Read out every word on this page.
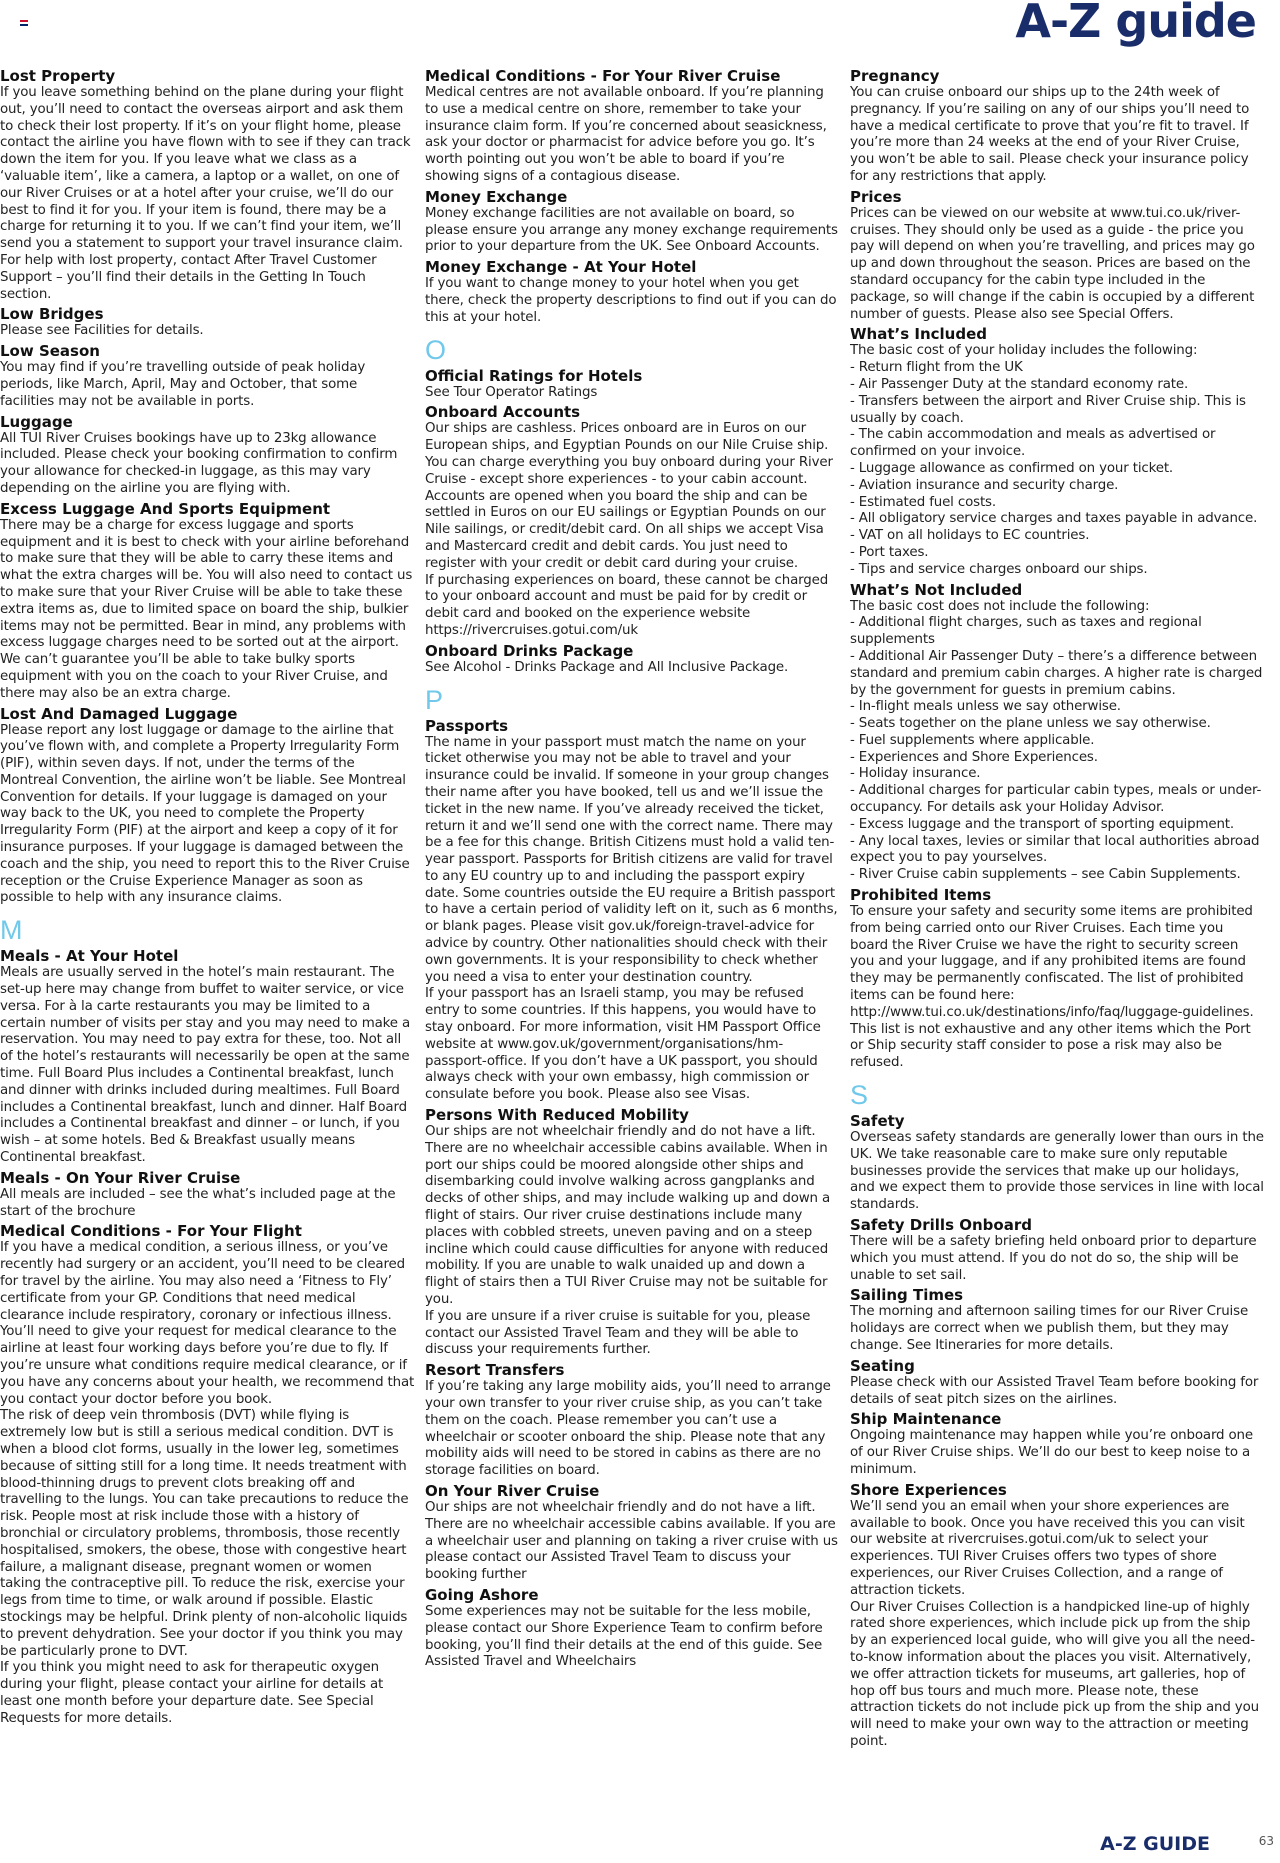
A-Z guide
Lost Property

If you leave something behind on the plane during your flight out, you’ll need to contact the overseas airport and ask them to check their lost property. If it’s on your flight home, please contact the airline you have flown with to see if they can track down the item for you. If you leave what we class as a ‘valuable item’, like a camera, a laptop or a wallet, on one of our River Cruises or at a hotel after your cruise, we’ll do our best to find it for you. If your item is found, there may be a charge for returning it to you. If we can’t find your item, we’ll send you a statement to support your travel insurance claim. For help with lost property, contact After Travel Customer Support – you’ll find their details in the Getting In Touch section.

Low Bridges

Please see Facilities for details.

Low Season

You may find if you’re travelling outside of peak holiday periods, like March, April, May and October, that some facilities may not be available in ports.

Luggage

All TUI River Cruises bookings have up to 23kg allowance included. Please check your booking confirmation to confirm your allowance for checked-in luggage, as this may vary depending on the airline you are flying with.

Excess Luggage And Sports Equipment

There may be a charge for excess luggage and sports equipment and it is best to check with your airline beforehand to make sure that they will be able to carry these items and what the extra charges will be. You will also need to contact us to make sure that your River Cruise will be able to take these extra items as, due to limited space on board the ship, bulkier items may not be permitted. Bear in mind, any problems with excess luggage charges need to be sorted out at the airport. We can’t guarantee you’ll be able to take bulky sports equipment with you on the coach to your River Cruise, and there may also be an extra charge.

Lost And Damaged Luggage

Please report any lost luggage or damage to the airline that you’ve flown with, and complete a Property Irregularity Form (PIF), within seven days. If not, under the terms of the Montreal Convention, the airline won’t be liable. See Montreal Convention for details. If your luggage is damaged on your way back to the UK, you need to complete the Property Irregularity Form (PIF) at the airport and keep a copy of it for insurance purposes. If your luggage is damaged between the coach and the ship, you need to report this to the River Cruise reception or the Cruise Experience Manager as soon as possible to help with any insurance claims.

M
Meals - At Your Hotel

Meals are usually served in the hotel’s main restaurant. The set-up here may change from buffet to waiter service, or vice versa. For à la carte restaurants you may be limited to a certain number of visits per stay and you may need to make a reservation. You may need to pay extra for these, too. Not all of the hotel’s restaurants will necessarily be open at the same time. Full Board Plus includes a Continental breakfast, lunch and dinner with drinks included during mealtimes. Full Board includes a Continental breakfast, lunch and dinner. Half Board includes a Continental breakfast and dinner – or lunch, if you wish – at some hotels. Bed & Breakfast usually means Continental breakfast.

Meals - On Your River Cruise

All meals are included – see the what’s included page at the start of the brochure

Medical Conditions - For Your Flight

If you have a medical condition, a serious illness, or you’ve recently had surgery or an accident, you’ll need to be cleared for travel by the airline. You may also need a ‘Fitness to Fly’ certificate from your GP. Conditions that need medical clearance include respiratory, coronary or infectious illness. You’ll need to give your request for medical clearance to the airline at least four working days before you’re due to fly. If you’re unsure what conditions require medical clearance, or if you have any concerns about your health, we recommend that you contact your doctor before you book.

The risk of deep vein thrombosis (DVT) while flying is extremely low but is still a serious medical condition. DVT is when a blood clot forms, usually in the lower leg, sometimes because of sitting still for a long time. It needs treatment with blood-thinning drugs to prevent clots breaking off and travelling to the lungs. You can take precautions to reduce the risk. People most at risk include those with a history of bronchial or circulatory problems, thrombosis, those recently hospitalised, smokers, the obese, those with congestive heart failure, a malignant disease, pregnant women or women taking the contraceptive pill. To reduce the risk, exercise your legs from time to time, or walk around if possible. Elastic stockings may be helpful. Drink plenty of non-alcoholic liquids to prevent dehydration. See your doctor if you think you may be particularly prone to DVT.

If you think you might need to ask for therapeutic oxygen during your flight, please contact your airline for details at least one month before your departure date. See Special Requests for more details.

Medical Conditions - For Your River Cruise

Medical centres are not available onboard. If you’re planning to use a medical centre on shore, remember to take your insurance claim form. If you’re concerned about seasickness, ask your doctor or pharmacist for advice before you go. It’s worth pointing out you won’t be able to board if you’re showing signs of a contagious disease.

Money Exchange

Money exchange facilities are not available on board, so please ensure you arrange any money exchange requirements prior to your departure from the UK. See Onboard Accounts.

Money Exchange - At Your Hotel

If you want to change money to your hotel when you get there, check the property descriptions to find out if you can do this at your hotel.

O
Official Ratings for Hotels

See Tour Operator Ratings

Onboard Accounts

Our ships are cashless. Prices onboard are in Euros on our European ships, and Egyptian Pounds on our Nile Cruise ship. You can charge everything you buy onboard during your River Cruise - except shore experiences - to your cabin account. Accounts are opened when you board the ship and can be settled in Euros on our EU sailings or Egyptian Pounds on our Nile sailings, or credit/debit card. On all ships we accept Visa and Mastercard credit and debit cards. You just need to register with your credit or debit card during your cruise.

If purchasing experiences on board, these cannot be charged to your onboard account and must be paid for by credit or debit card and booked on the experience website https://rivercruises.gotui.com/uk

Onboard Drinks Package

See Alcohol - Drinks Package and All Inclusive Package.

P
Passports

The name in your passport must match the name on your ticket otherwise you may not be able to travel and your insurance could be invalid. If someone in your group changes their name after you have booked, tell us and we’ll issue the ticket in the new name. If you’ve already received the ticket, return it and we’ll send one with the correct name. There may be a fee for this change. British Citizens must hold a valid ten-year passport. Passports for British citizens are valid for travel to any EU country up to and including the passport expiry date. Some countries outside the EU require a British passport to have a certain period of validity left on it, such as 6 months, or blank pages. Please visit gov.uk/foreign-travel-advice for advice by country. Other nationalities should check with their own governments. It is your responsibility to check whether you need a visa to enter your destination country.

If your passport has an Israeli stamp, you may be refused entry to some countries. If this happens, you would have to stay onboard. For more information, visit HM Passport Office website at www.gov.uk/government/organisations/hm-passport-office. If you don’t have a UK passport, you should always check with your own embassy, high commission or consulate before you book. Please also see Visas.

Persons With Reduced Mobility

Our ships are not wheelchair friendly and do not have a lift. There are no wheelchair accessible cabins available. When in port our ships could be moored alongside other ships and disembarking could involve walking across gangplanks and decks of other ships, and may include walking up and down a flight of stairs. Our river cruise destinations include many places with cobbled streets, uneven paving and on a steep incline which could cause difficulties for anyone with reduced mobility. If you are unable to walk unaided up and down a flight of stairs then a TUI River Cruise may not be suitable for you.

If you are unsure if a river cruise is suitable for you, please contact our Assisted Travel Team and they will be able to discuss your requirements further.

Resort Transfers

If you’re taking any large mobility aids, you’ll need to arrange your own transfer to your river cruise ship, as you can’t take them on the coach. Please remember you can’t use a wheelchair or scooter onboard the ship. Please note that any mobility aids will need to be stored in cabins as there are no storage facilities on board.

On Your River Cruise

Our ships are not wheelchair friendly and do not have a lift. There are no wheelchair accessible cabins available. If you are a wheelchair user and planning on taking a river cruise with us please contact our Assisted Travel Team to discuss your booking further

Going Ashore

Some experiences may not be suitable for the less mobile, please contact our Shore Experience Team to confirm before booking, you’ll find their details at the end of this guide. See Assisted Travel and Wheelchairs

Pregnancy

You can cruise onboard our ships up to the 24th week of pregnancy. If you’re sailing on any of our ships you’ll need to have a medical certificate to prove that you’re fit to travel. If you’re more than 24 weeks at the end of your River Cruise, you won’t be able to sail. Please check your insurance policy for any restrictions that apply.

Prices

Prices can be viewed on our website at www.tui.co.uk/river-cruises. They should only be used as a guide - the price you pay will depend on when you’re travelling, and prices may go up and down throughout the season. Prices are based on the standard occupancy for the cabin type included in the package, so will change if the cabin is occupied by a different number of guests. Please also see Special Offers.

What’s Included

The basic cost of your holiday includes the following:

- Return flight from the UK

- Air Passenger Duty at the standard economy rate.

- Transfers between the airport and River Cruise ship. This is usually by coach.

- The cabin accommodation and meals as advertised or confirmed on your invoice.

- Luggage allowance as confirmed on your ticket.

- Aviation insurance and security charge.

- Estimated fuel costs.

- All obligatory service charges and taxes payable in advance.

- VAT on all holidays to EC countries.

- Port taxes.

- Tips and service charges onboard our ships.

What’s Not Included

The basic cost does not include the following:

- Additional flight charges, such as taxes and regional supplements

- Additional Air Passenger Duty – there’s a difference between standard and premium cabin charges. A higher rate is charged by the government for guests in premium cabins.

- In-flight meals unless we say otherwise.

- Seats together on the plane unless we say otherwise.

- Fuel supplements where applicable.

- Experiences and Shore Experiences.

- Holiday insurance.

- Additional charges for particular cabin types, meals or under-occupancy. For details ask your Holiday Advisor.

- Excess luggage and the transport of sporting equipment.

- Any local taxes, levies or similar that local authorities abroad expect you to pay yourselves.

- River Cruise cabin supplements – see Cabin Supplements.

Prohibited Items

To ensure your safety and security some items are prohibited from being carried onto our River Cruises. Each time you board the River Cruise we have the right to security screen you and your luggage, and if any prohibited items are found they may be permanently confiscated. The list of prohibited items can be found here: http://www.tui.co.uk/destinations/info/faq/luggage-guidelines. This list is not exhaustive and any other items which the Port or Ship security staff consider to pose a risk may also be refused.

S
Safety

Overseas safety standards are generally lower than ours in the UK. We take reasonable care to make sure only reputable businesses provide the services that make up our holidays, and we expect them to provide those services in line with local standards.

Safety Drills Onboard

There will be a safety briefing held onboard prior to departure which you must attend. If you do not do so, the ship will be unable to set sail.

Sailing Times

The morning and afternoon sailing times for our River Cruise holidays are correct when we publish them, but they may change. See Itineraries for more details.

Seating

Please check with our Assisted Travel Team before booking for details of seat pitch sizes on the airlines.

Ship Maintenance

Ongoing maintenance may happen while you’re onboard one of our River Cruise ships. We’ll do our best to keep noise to a minimum.

Shore Experiences

We’ll send you an email when your shore experiences are available to book. Once you have received this you can visit our website at rivercruises.gotui.com/uk to select your experiences. TUI River Cruises offers two types of shore experiences, our River Cruises Collection, and a range of attraction tickets.

Our River Cruises Collection is a handpicked line-up of highly rated shore experiences, which include pick up from the ship by an experienced local guide, who will give you all the need-to-know information about the places you visit. Alternatively, we offer attraction tickets for museums, art galleries, hop of hop off bus tours and much more. Please note, these attraction tickets do not include pick up from the ship and you will need to make your own way to the attraction or meeting point.

A-Z GUIDE	63
